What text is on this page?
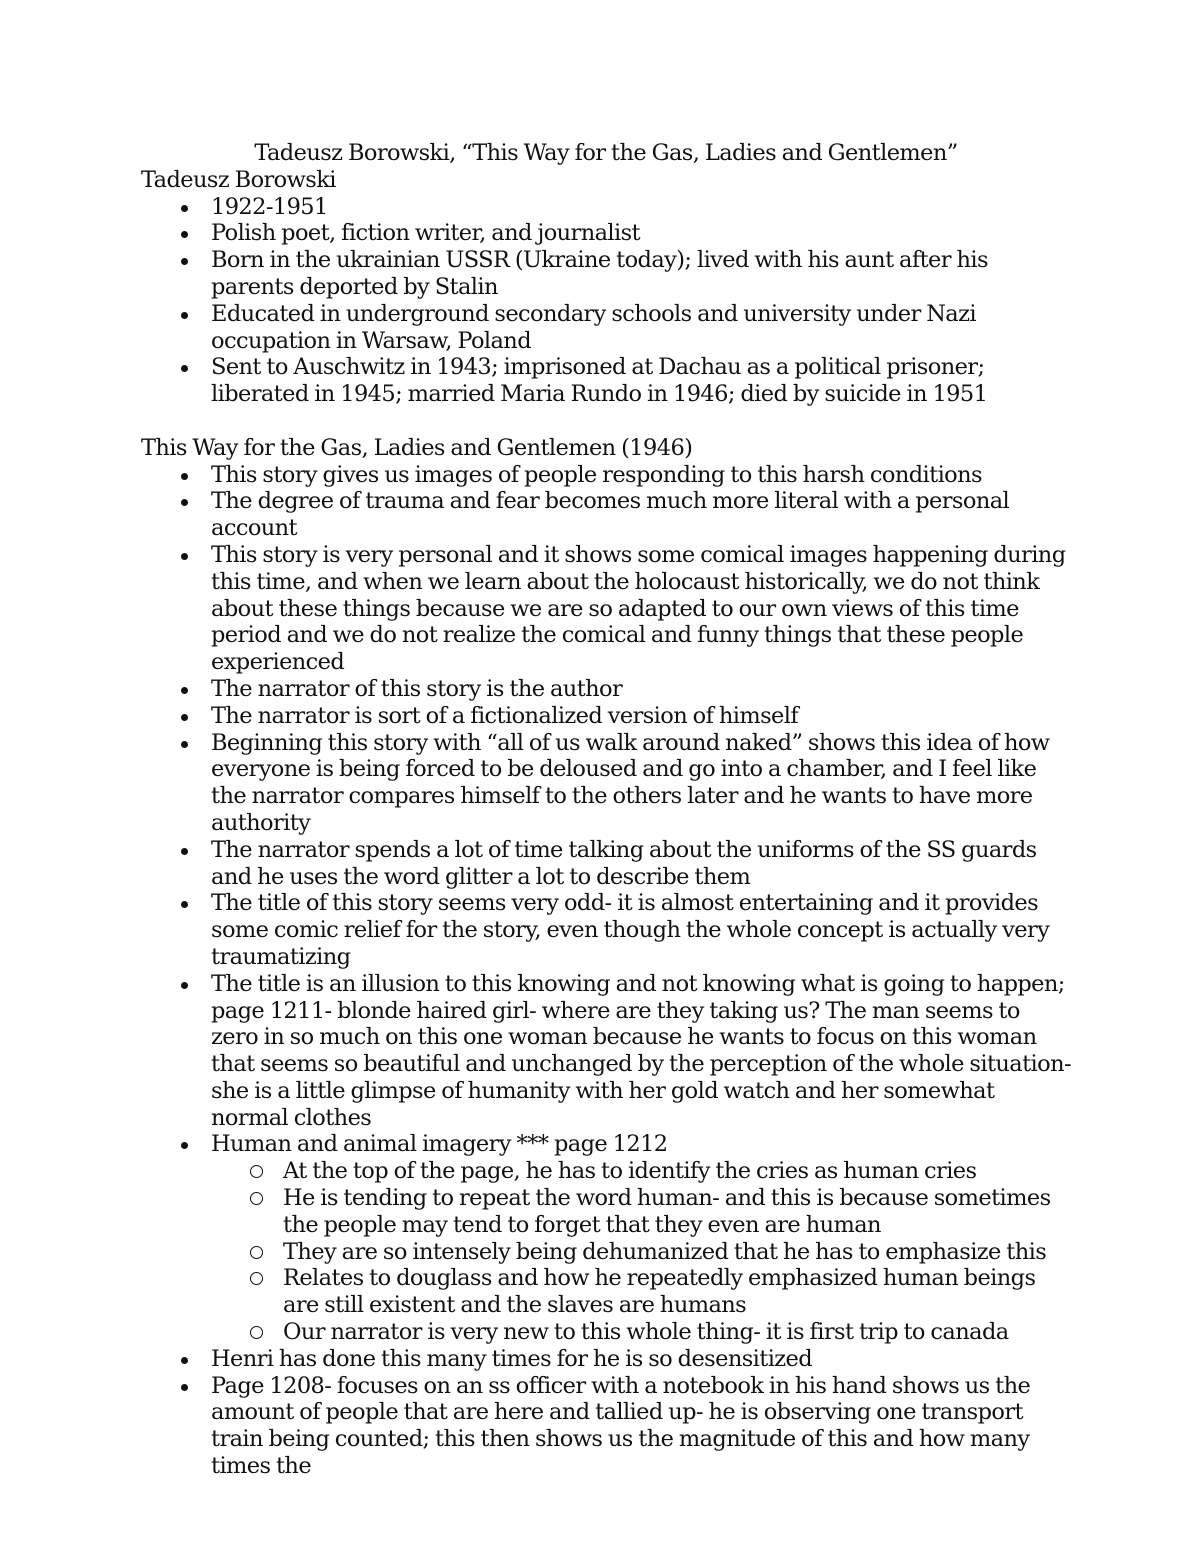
Tadeusz Borowski, “This Way for the Gas, Ladies and Gentlemen”

Tadeusz Borowski

1922-1951
Polish poet, fiction writer, and journalist
Born in the ukrainian USSR (Ukraine today); lived with his aunt after his parents deported by Stalin
Educated in underground secondary schools and university under Nazi occupation in Warsaw, Poland
Sent to Auschwitz in 1943; imprisoned at Dachau as a political prisoner; liberated in 1945; married Maria Rundo in 1946; died by suicide in 1951

This Way for the Gas, Ladies and Gentlemen (1946)

This story gives us images of people responding to this harsh conditions
The degree of trauma and fear becomes much more literal with a personal account
This story is very personal and it shows some comical images happening during this time, and when we learn about the holocaust historically, we do not think about these things because we are so adapted to our own views of this time period and we do not realize the comical and funny things that these people experienced
The narrator of this story is the author
The narrator is sort of a fictionalized version of himself
Beginning this story with “all of us walk around naked” shows this idea of how everyone is being forced to be deloused and go into a chamber, and I feel like the narrator compares himself to the others later and he wants to have more authority
The narrator spends a lot of time talking about the uniforms of the SS guards and he uses the word glitter a lot to describe them
The title of this story seems very odd- it is almost entertaining and it provides some comic relief for the story, even though the whole concept is actually very traumatizing
The title is an illusion to this knowing and not knowing what is going to happen; page 1211- blonde haired girl- where are they taking us? The man seems to zero in so much on this one woman because he wants to focus on this woman that seems so beautiful and unchanged by the perception of the whole situation- she is a little glimpse of humanity with her gold watch and her somewhat normal clothes
Human and animal imagery *** page 1212
At the top of the page, he has to identify the cries as human cries
He is tending to repeat the word human- and this is because sometimes the people may tend to forget that they even are human
They are so intensely being dehumanized that he has to emphasize this
Relates to douglass and how he repeatedly emphasized human beings are still existent and the slaves are humans
Our narrator is very new to this whole thing- it is first trip to canada
Henri has done this many times for he is so desensitized
Page 1208- focuses on an ss officer with a notebook in his hand shows us the amount of people that are here and tallied up- he is observing one transport train being counted; this then shows us the magnitude of this and how many times the
